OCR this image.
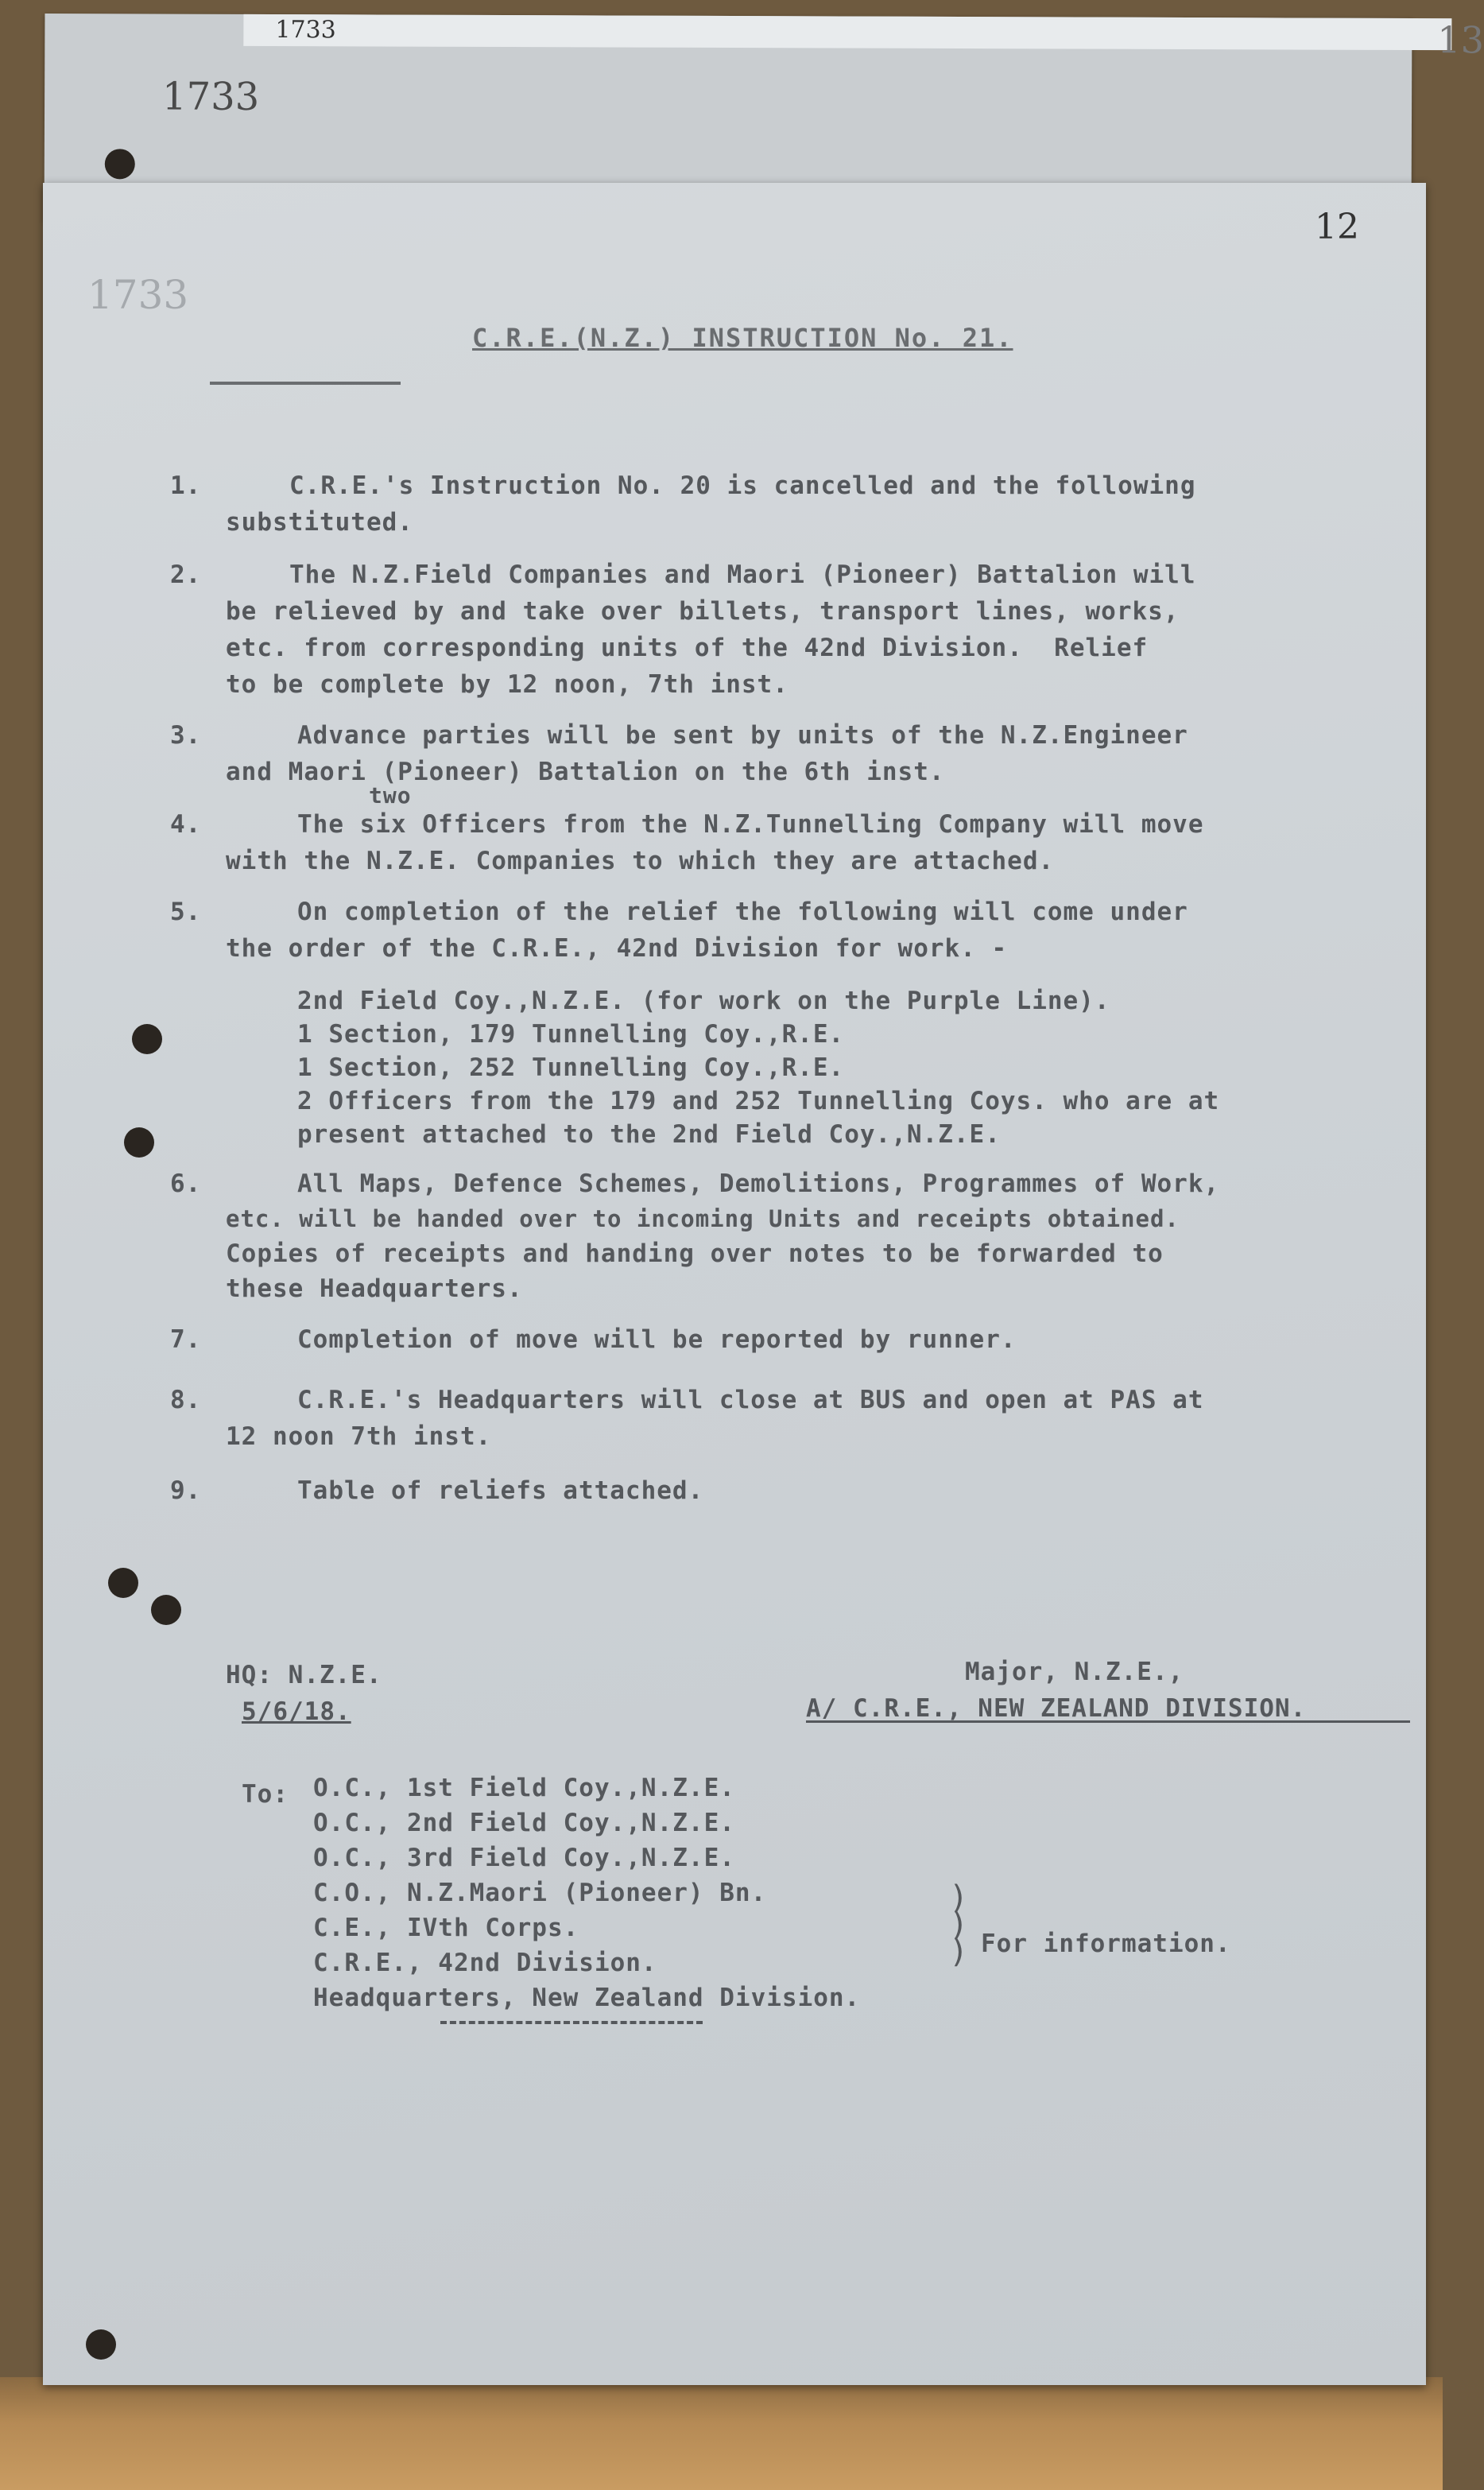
1733
1733
13
1733
12
C.R.E.(N.Z.) INSTRUCTION No. 21.
1.	C.R.E.'s Instruction No. 20 is cancelled and the following
substituted.
2.	The N.Z.Field Companies and Maori (Pioneer) Battalion will
be relieved by and take over billets, transport lines, works,
etc. from corresponding units of the 42nd Division.  Relief
to be complete by 12 noon, 7th inst.
3.	Advance parties will be sent by units of the N.Z.Engineer
and Maori (Pioneer) Battalion on the 6th inst.
two
4.	The six Officers from the N.Z.Tunnelling Company will move
with the N.Z.E. Companies to which they are attached.
5.	On completion of the relief the following will come under
the order of the C.R.E., 42nd Division for work. -
2nd Field Coy.,N.Z.E. (for work on the Purple Line).
1 Section, 179 Tunnelling Coy.,R.E.
1 Section, 252 Tunnelling Coy.,R.E.
2 Officers from the 179 and 252 Tunnelling Coys. who are at
present attached to the 2nd Field Coy.,N.Z.E.
6.	All Maps, Defence Schemes, Demolitions, Programmes of Work,
etc. will be handed over to incoming Units and receipts obtained.
Copies of receipts and handing over notes to be forwarded to
these Headquarters.
7.	Completion of move will be reported by runner.
8.	C.R.E.'s Headquarters will close at BUS and open at PAS at
12 noon 7th inst.
9.	Table of reliefs attached.
HQ: N.Z.E.
5/6/18.
Major, N.Z.E.,
A/ C.R.E., NEW ZEALAND DIVISION.
To: O.C., 1st Field Coy.,N.Z.E.
O.C., 2nd Field Coy.,N.Z.E.
O.C., 3rd Field Coy.,N.Z.E.
C.O., N.Z.Maori (Pioneer) Bn.
C.E., IVth Corps.
C.R.E., 42nd Division.
Headquarters, New Zealand Division.
)
)
) For information.
